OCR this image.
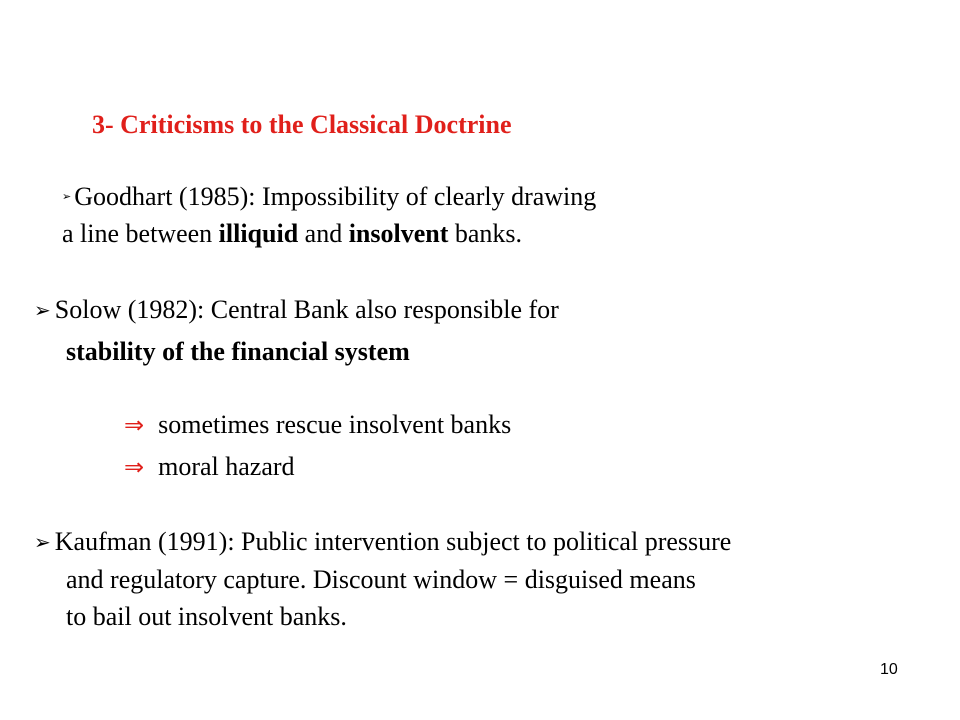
3- Criticisms to the Classical Doctrine
➢ Goodhart (1985): Impossibility of clearly drawing
a line between illiquid and insolvent banks.
➢ Solow (1982): Central Bank also responsible for
stability of the financial system
⇒ sometimes rescue insolvent banks
⇒ moral hazard
➢ Kaufman (1991): Public intervention subject to political pressure
and regulatory capture. Discount window = disguised means
to bail out insolvent banks.
10
